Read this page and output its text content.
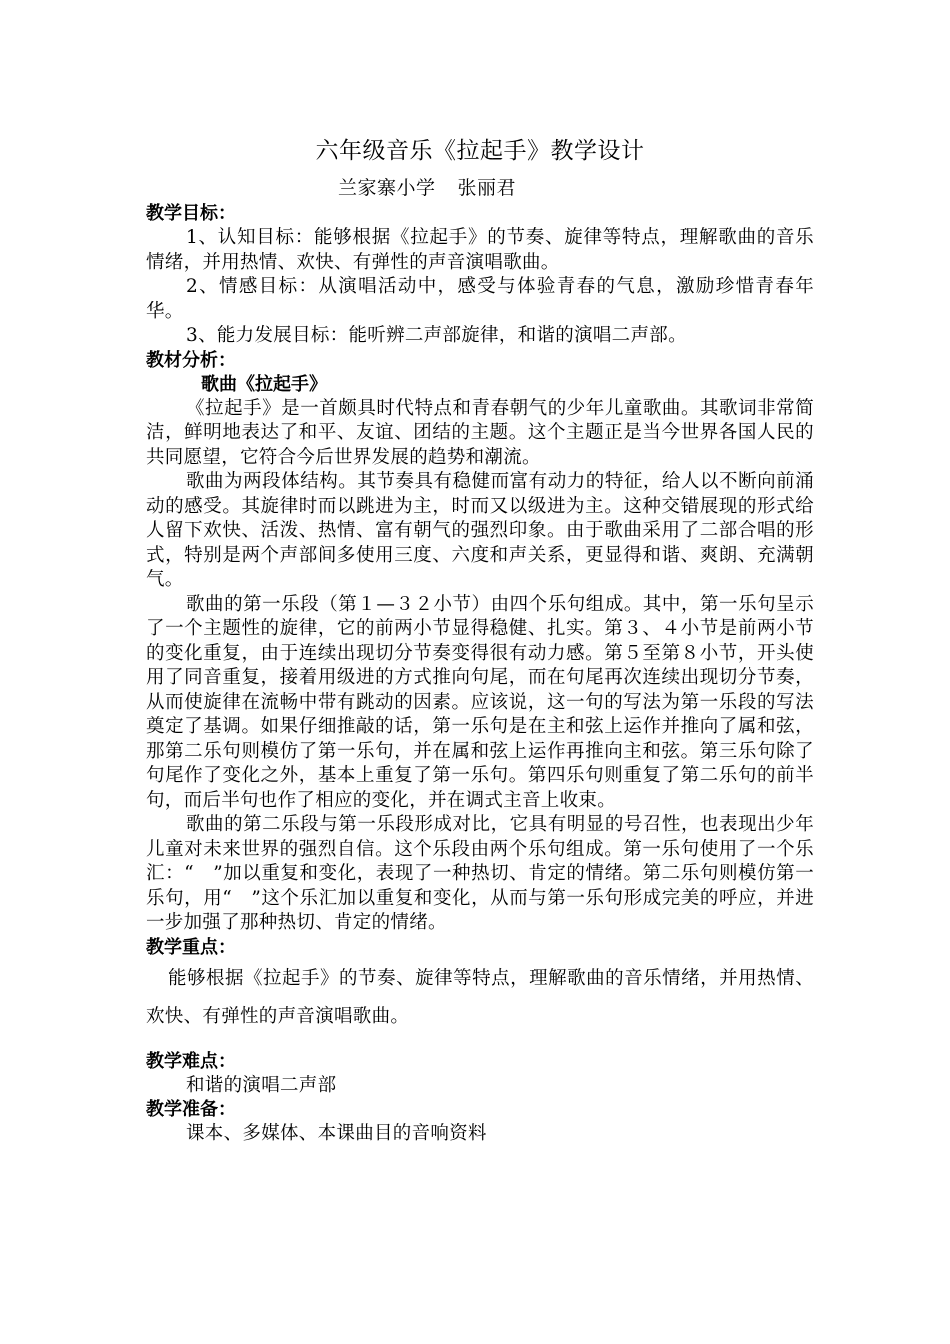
六年级音乐《拉起手》教学设计

兰家寨小学 张丽君

教学目标：

1、认知目标：能够根据《拉起手》的节奏、旋律等特点，理解歌曲的音乐情绪，并用热情、欢快、有弹性的声音演唱歌曲。

2、情感目标：从演唱活动中，感受与体验青春的气息，激励珍惜青春年华。

3、能力发展目标：能听辨二声部旋律，和谐的演唱二声部。

教材分析：

歌曲《拉起手》

《拉起手》是一首颇具时代特点和青春朝气的少年儿童歌曲。其歌词非常简洁，鲜明地表达了和平、友谊、团结的主题。这个主题正是当今世界各国人民的共同愿望，它符合今后世界发展的趋势和潮流。

歌曲为两段体结构。其节奏具有稳健而富有动力的特征，给人以不断向前涌动的感受。其旋律时而以跳进为主，时而又以级进为主。这种交错展现的形式给人留下欢快、活泼、热情、富有朝气的强烈印象。由于歌曲采用了二部合唱的形式，特别是两个声部间多使用三度、六度和声关系，更显得和谐、爽朗、充满朝气。

歌曲的第一乐段（第１—３２小节）由四个乐句组成。其中，第一乐句呈示了一个主题性的旋律，它的前两小节显得稳健、扎实。第３、４小节是前两小节的变化重复，由于连续出现切分节奏变得很有动力感。第５至第８小节，开头使用了同音重复，接着用级进的方式推向句尾，而在句尾再次连续出现切分节奏，从而使旋律在流畅中带有跳动的因素。应该说，这一句的写法为第一乐段的写法奠定了基调。如果仔细推敲的话，第一乐句是在主和弦上运作并推向了属和弦，那第二乐句则模仿了第一乐句，并在属和弦上运作再推向主和弦。第三乐句除了句尾作了变化之外，基本上重复了第一乐句。第四乐句则重复了第二乐句的前半句，而后半句也作了相应的变化，并在调式主音上收束。

歌曲的第二乐段与第一乐段形成对比，它具有明显的号召性，也表现出少年儿童对未来世界的强烈自信。这个乐段由两个乐句组成。第一乐句使用了一个乐汇：“　”加以重复和变化，表现了一种热切、肯定的情绪。第二乐句则模仿第一乐句，用“　”这个乐汇加以重复和变化，从而与第一乐句形成完美的呼应，并进一步加强了那种热切、肯定的情绪。

教学重点：

能够根据《拉起手》的节奏、旋律等特点，理解歌曲的音乐情绪，并用热情、欢快、有弹性的声音演唱歌曲。

教学难点：

和谐的演唱二声部

教学准备：

课本、多媒体、本课曲目的音响资料
